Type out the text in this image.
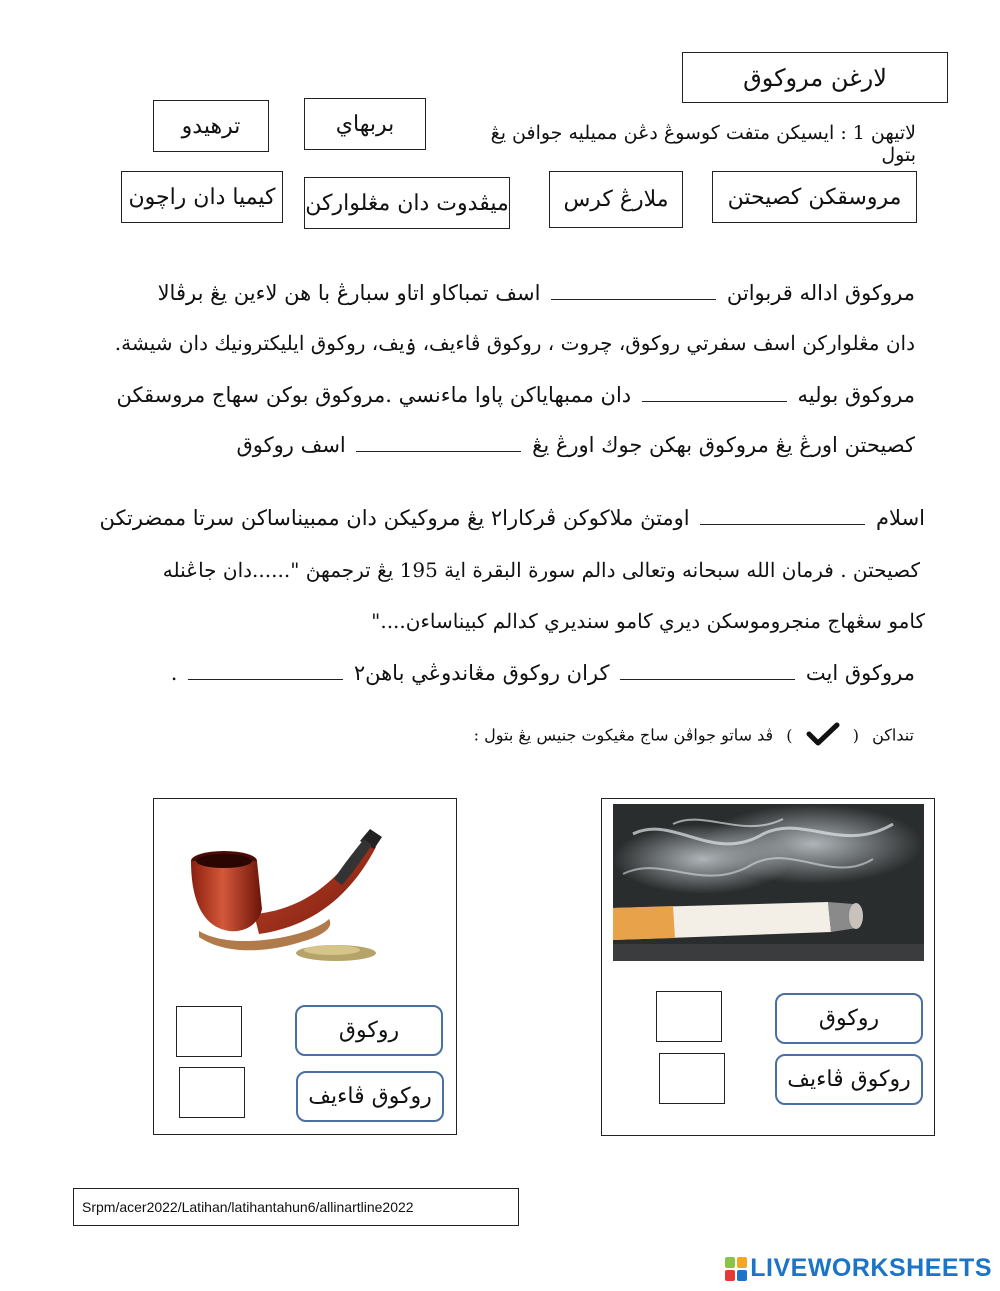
لارغن مروكوق
ترهيدو	بربهاي	لاتيهن 1 : ايسيكن متفت كوسوڠ دڠن مميليه جوافن يڠ بتول
كيميا دان راچون	ميڤدوت دان مڠلواركن	ملارڠ كرس	مروسقكن كصيحتن
مروكوق اداله قربواتن  اسف تمباكاو اتاو سبارڠ با هن لاءين يڠ برڤالا
دان مڠلواركن اسف سفرتي روكوق، چروت ، روكوق ڤاءيف، ۏيف، روكوق ايليكترونيك دان شيشة.
مروكوق بوليه  دان ممبهاياكن ڽاوا ماءنسي .مروكوق بوكن سهاج مروسقكن
كصيحتن اورڠ يڠ مروكوق بهكن جوك اورڠ يڠ  اسف روكوق
اسلام  اومتڽ ملاكوكن ڤركارا٢ يڠ مروكيكن دان ممبيناساكن سرتا ممضرتكن
كصيحتن . فرمان الله سبحانه وتعالى دالم سورة البقرة اية 195 يڠ ترجمهڽ "......دان جاڠنله
كامو سڠهاج منجروموسكن ديري كامو سنديري كدالم كبيناساءن...."
مروكوق ايت  كران روكوق مڠاندوڠي باهن٢  .
تنداكن (  ) ڤد ساتو جواڤن ساج مڠيكوت جنيس يڠ بتول :
روكوق
روكوق ڤاءيف
روكوق
روكوق ڤاءيف
Srpm/acer2022/Latihan/latihantahun6/allinartline2022
LIVEWORKSHEETS
